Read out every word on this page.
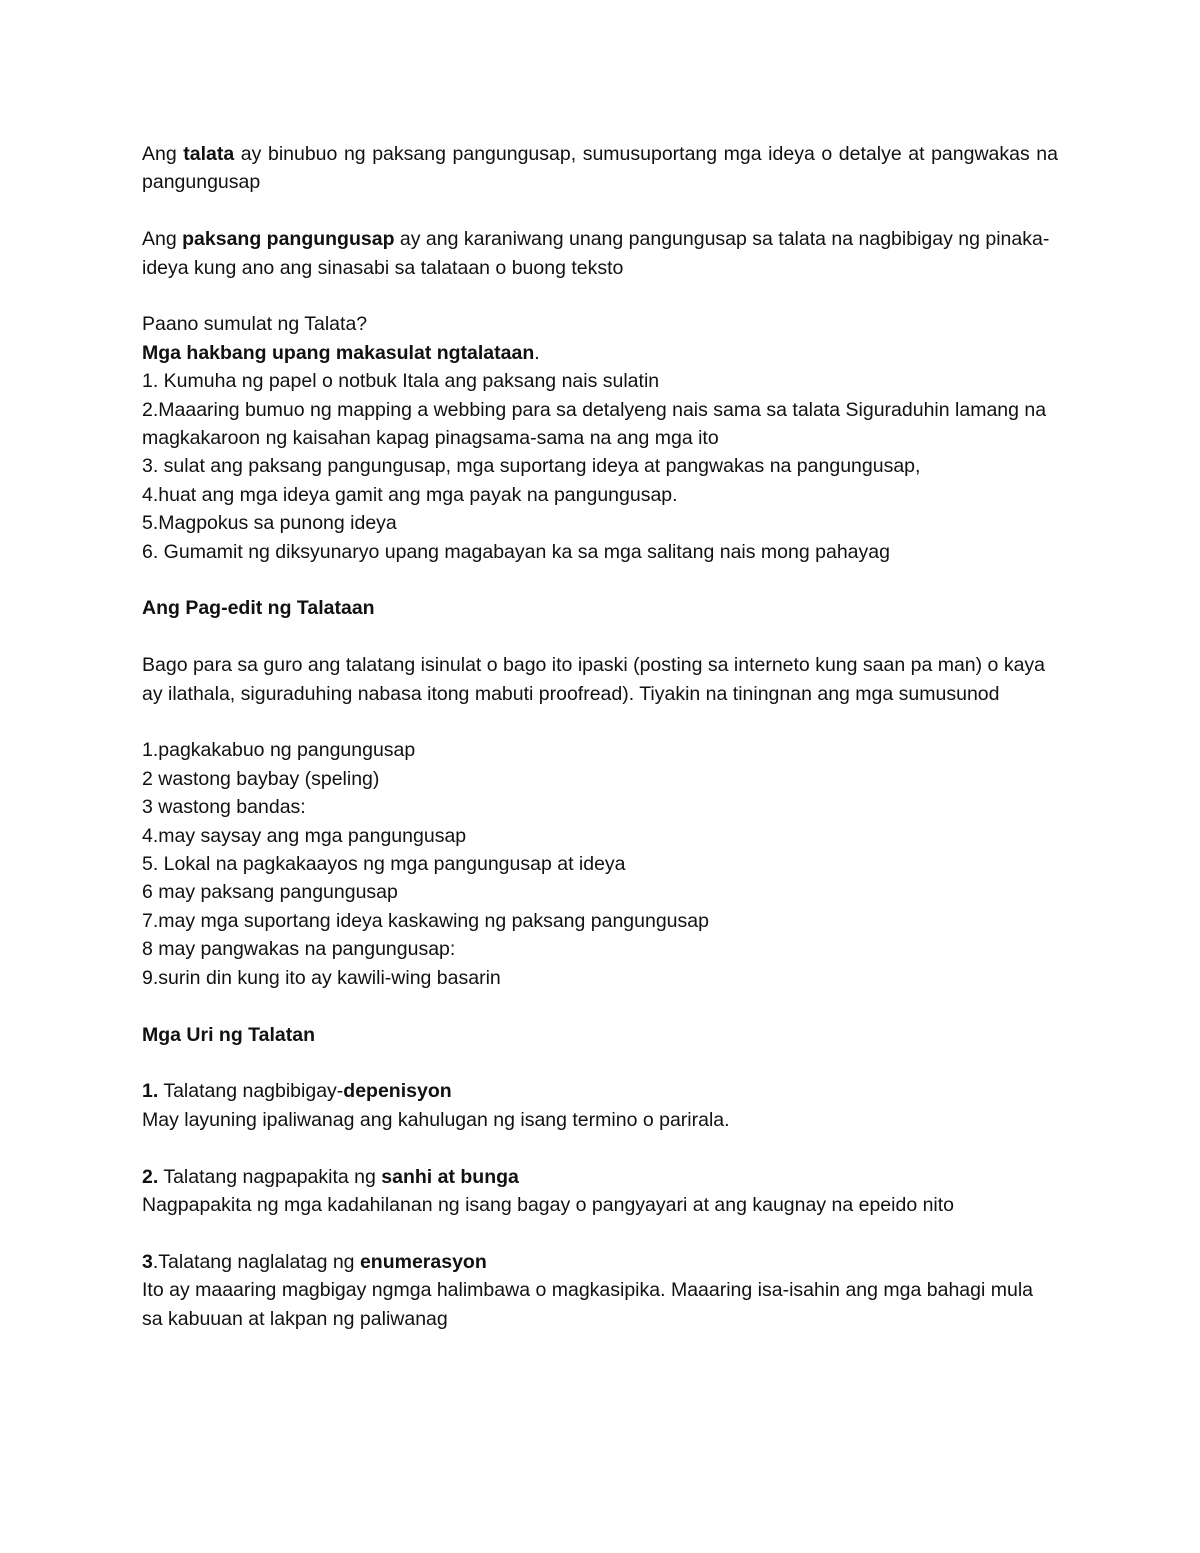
Ang talata ay binubuo ng paksang pangungusap, sumusuportang mga ideya o detalye at pangwakas na pangungusap

Ang paksang pangungusap ay ang karaniwang unang pangungusap sa talata na nagbibigay ng pinaka-ideya kung ano ang sinasabi sa talataan o buong teksto

Paano sumulat ng Talata?
Mga hakbang upang makasulat ngtalataan.
1. Kumuha ng papel o notbuk Itala ang paksang nais sulatin
2.Maaaring bumuo ng mapping a webbing para sa detalyeng nais sama sa talata Siguraduhin lamang na magkakaroon ng kaisahan kapag pinagsama-sama na ang mga ito
3. sulat ang paksang pangungusap, mga suportang ideya at pangwakas na pangungusap,
4.huat ang mga ideya gamit ang mga payak na pangungusap.
5.Magpokus sa punong ideya
6. Gumamit ng diksyunaryo upang magabayan ka sa mga salitang nais mong pahayag
Ang Pag-edit ng Talataan

Bago para sa guro ang talatang isinulat o bago ito ipaski (posting sa interneto kung saan pa man) o kaya ay ilathala, siguraduhing nabasa itong mabuti proofread). Tiyakin na tiningnan ang mga sumusunod

1.pagkakabuo ng pangungusap
2 wastong baybay (speling)
3 wastong bandas:
4.may saysay ang mga pangungusap
5. Lokal na pagkakaayos ng mga pangungusap at ideya
6 may paksang pangungusap
7.may mga suportang ideya kaskawing ng paksang pangungusap
8 may pangwakas na pangungusap:
9.surin din kung ito ay kawili-wing basarin
Mga Uri ng Talatan
1. Talatang nagbibigay-depenisyon
May layuning ipaliwanag ang kahulugan ng isang termino o parirala.
2. Talatang nagpapakita ng sanhi at bunga
Nagpapakita ng mga kadahilanan ng isang bagay o pangyayari at ang kaugnay na epeido nito
3.Talatang naglalatag ng enumerasyon
Ito ay maaaring magbigay ngmga halimbawa o magkasipika. Maaaring isa-isahin ang mga bahagi mula sa kabuuan at lakpan ng paliwanag
